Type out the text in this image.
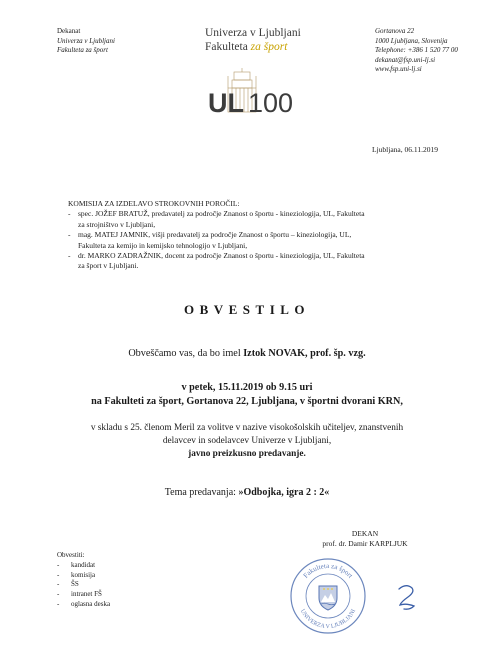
Dekanat
Univerza v Ljubljani
Fakulteta za šport
Univerza v Ljubljani
Fakulteta za šport
Gortanova 22
1000 Ljubljana, Slovenija
Telephone: +386 1 520 77 00
dekanat@fsp.uni-lj.si
www.fsp.uni-lj.si
UL 100
Ljubljana, 06.11.2019
KOMISIJA ZA IZDELAVO STROKOVNIH POROČIL:
-	spec. JOŽEF BRATUŽ, predavatelj za področje Znanost o športu - kineziologija, UL, Fakulteta
za strojništvo v Ljubljani,
-	mag. MATEJ JAMNIK, višji predavatelj za področje Znanost o športu – kineziologija, UL,
Fakulteta za kemijo in kemijsko tehnologijo v Ljubljani,
-	dr. MARKO ZADRAŽNIK, docent za področje Znanost o športu - kineziologija, UL, Fakulteta
za šport v Ljubljani.
OBVESTILO
Obveščamo vas, da bo imel Iztok NOVAK, prof. šp. vzg.
v petek, 15.11.2019 ob 9.15 uri
na Fakulteti za šport, Gortanova 22, Ljubljana, v športni dvorani KRN,
v skladu s 25. členom Meril za volitve v nazive visokošolskih učiteljev, znanstvenih
delavcev in sodelavcev Univerze v Ljubljani,
javno preizkusno predavanje.
Tema predavanja: »Odbojka, igra 2 : 2«
DEKAN
prof. dr. Damir KARPLJUK
Obvestiti:
-	kandidat
-	komisija
-	ŠS
-	intranet FŠ
-	oglasna deska
Fakulteta za šport
UNIVERZA V LJUBLJANI
